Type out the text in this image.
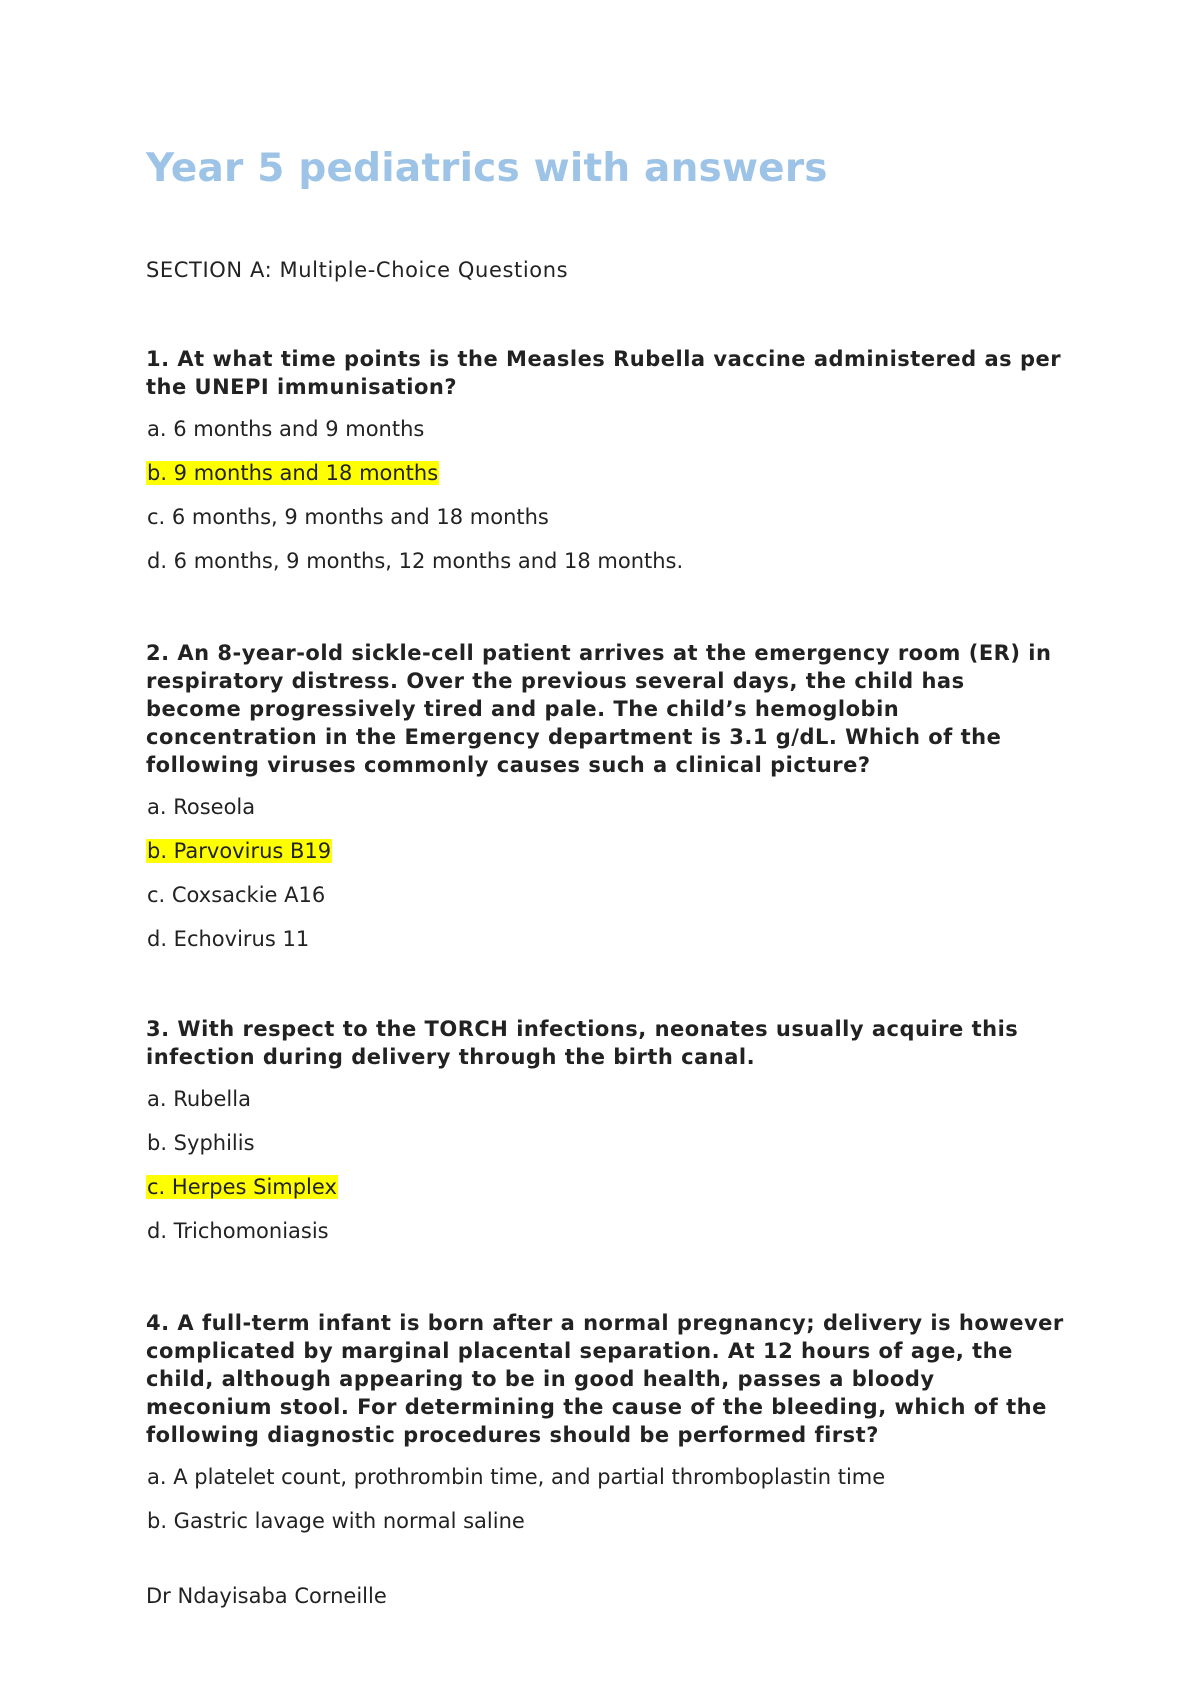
Year 5 pediatrics with answers
SECTION A: Multiple-Choice Questions

1. At what time points is the Measles Rubella vaccine administered as per the UNEPI immunisation?

a. 6 months and 9 months
b. 9 months and 18 months
c. 6 months, 9 months and 18 months
d. 6 months, 9 months, 12 months and 18 months.

2. An 8-year-old sickle-cell patient arrives at the emergency room (ER) in respiratory distress. Over the previous several days, the child has become progressively tired and pale. The child’s hemoglobin concentration in the Emergency department is 3.1 g/dL. Which of the following viruses commonly causes such a clinical picture?

a. Roseola
b. Parvovirus B19
c. Coxsackie A16
d. Echovirus 11

3. With respect to the TORCH infections, neonates usually acquire this infection during delivery through the birth canal.

a. Rubella
b. Syphilis
c. Herpes Simplex
d. Trichomoniasis

4. A full-term infant is born after a normal pregnancy; delivery is however complicated by marginal placental separation. At 12 hours of age, the child, although appearing to be in good health, passes a bloody meconium stool. For determining the cause of the bleeding, which of the following diagnostic procedures should be performed first?

a. A platelet count, prothrombin time, and partial thromboplastin time
b. Gastric lavage with normal saline
Dr Ndayisaba Corneille
